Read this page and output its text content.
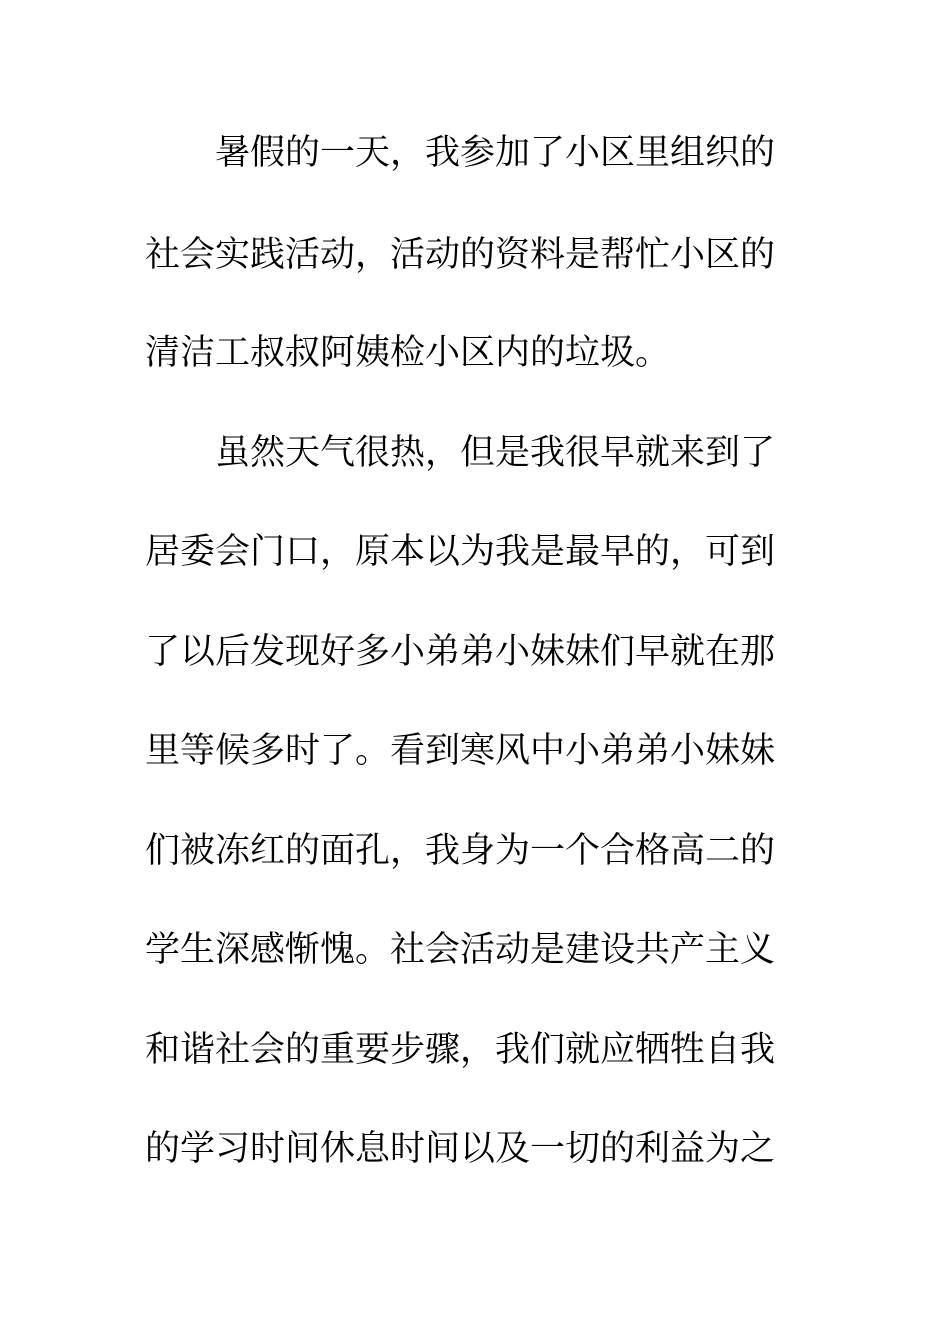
暑假的一天，我参加了小区里组织的
社会实践活动，活动的资料是帮忙小区的
清洁工叔叔阿姨检小区内的垃圾。
虽然天气很热，但是我很早就来到了
居委会门口，原本以为我是最早的，可到
了以后发现好多小弟弟小妹妹们早就在那
里等候多时了。看到寒风中小弟弟小妹妹
们被冻红的面孔，我身为一个合格高二的
学生深感惭愧。社会活动是建设共产主义
和谐社会的重要步骤，我们就应牺牲自我
的学习时间休息时间以及一切的利益为之
